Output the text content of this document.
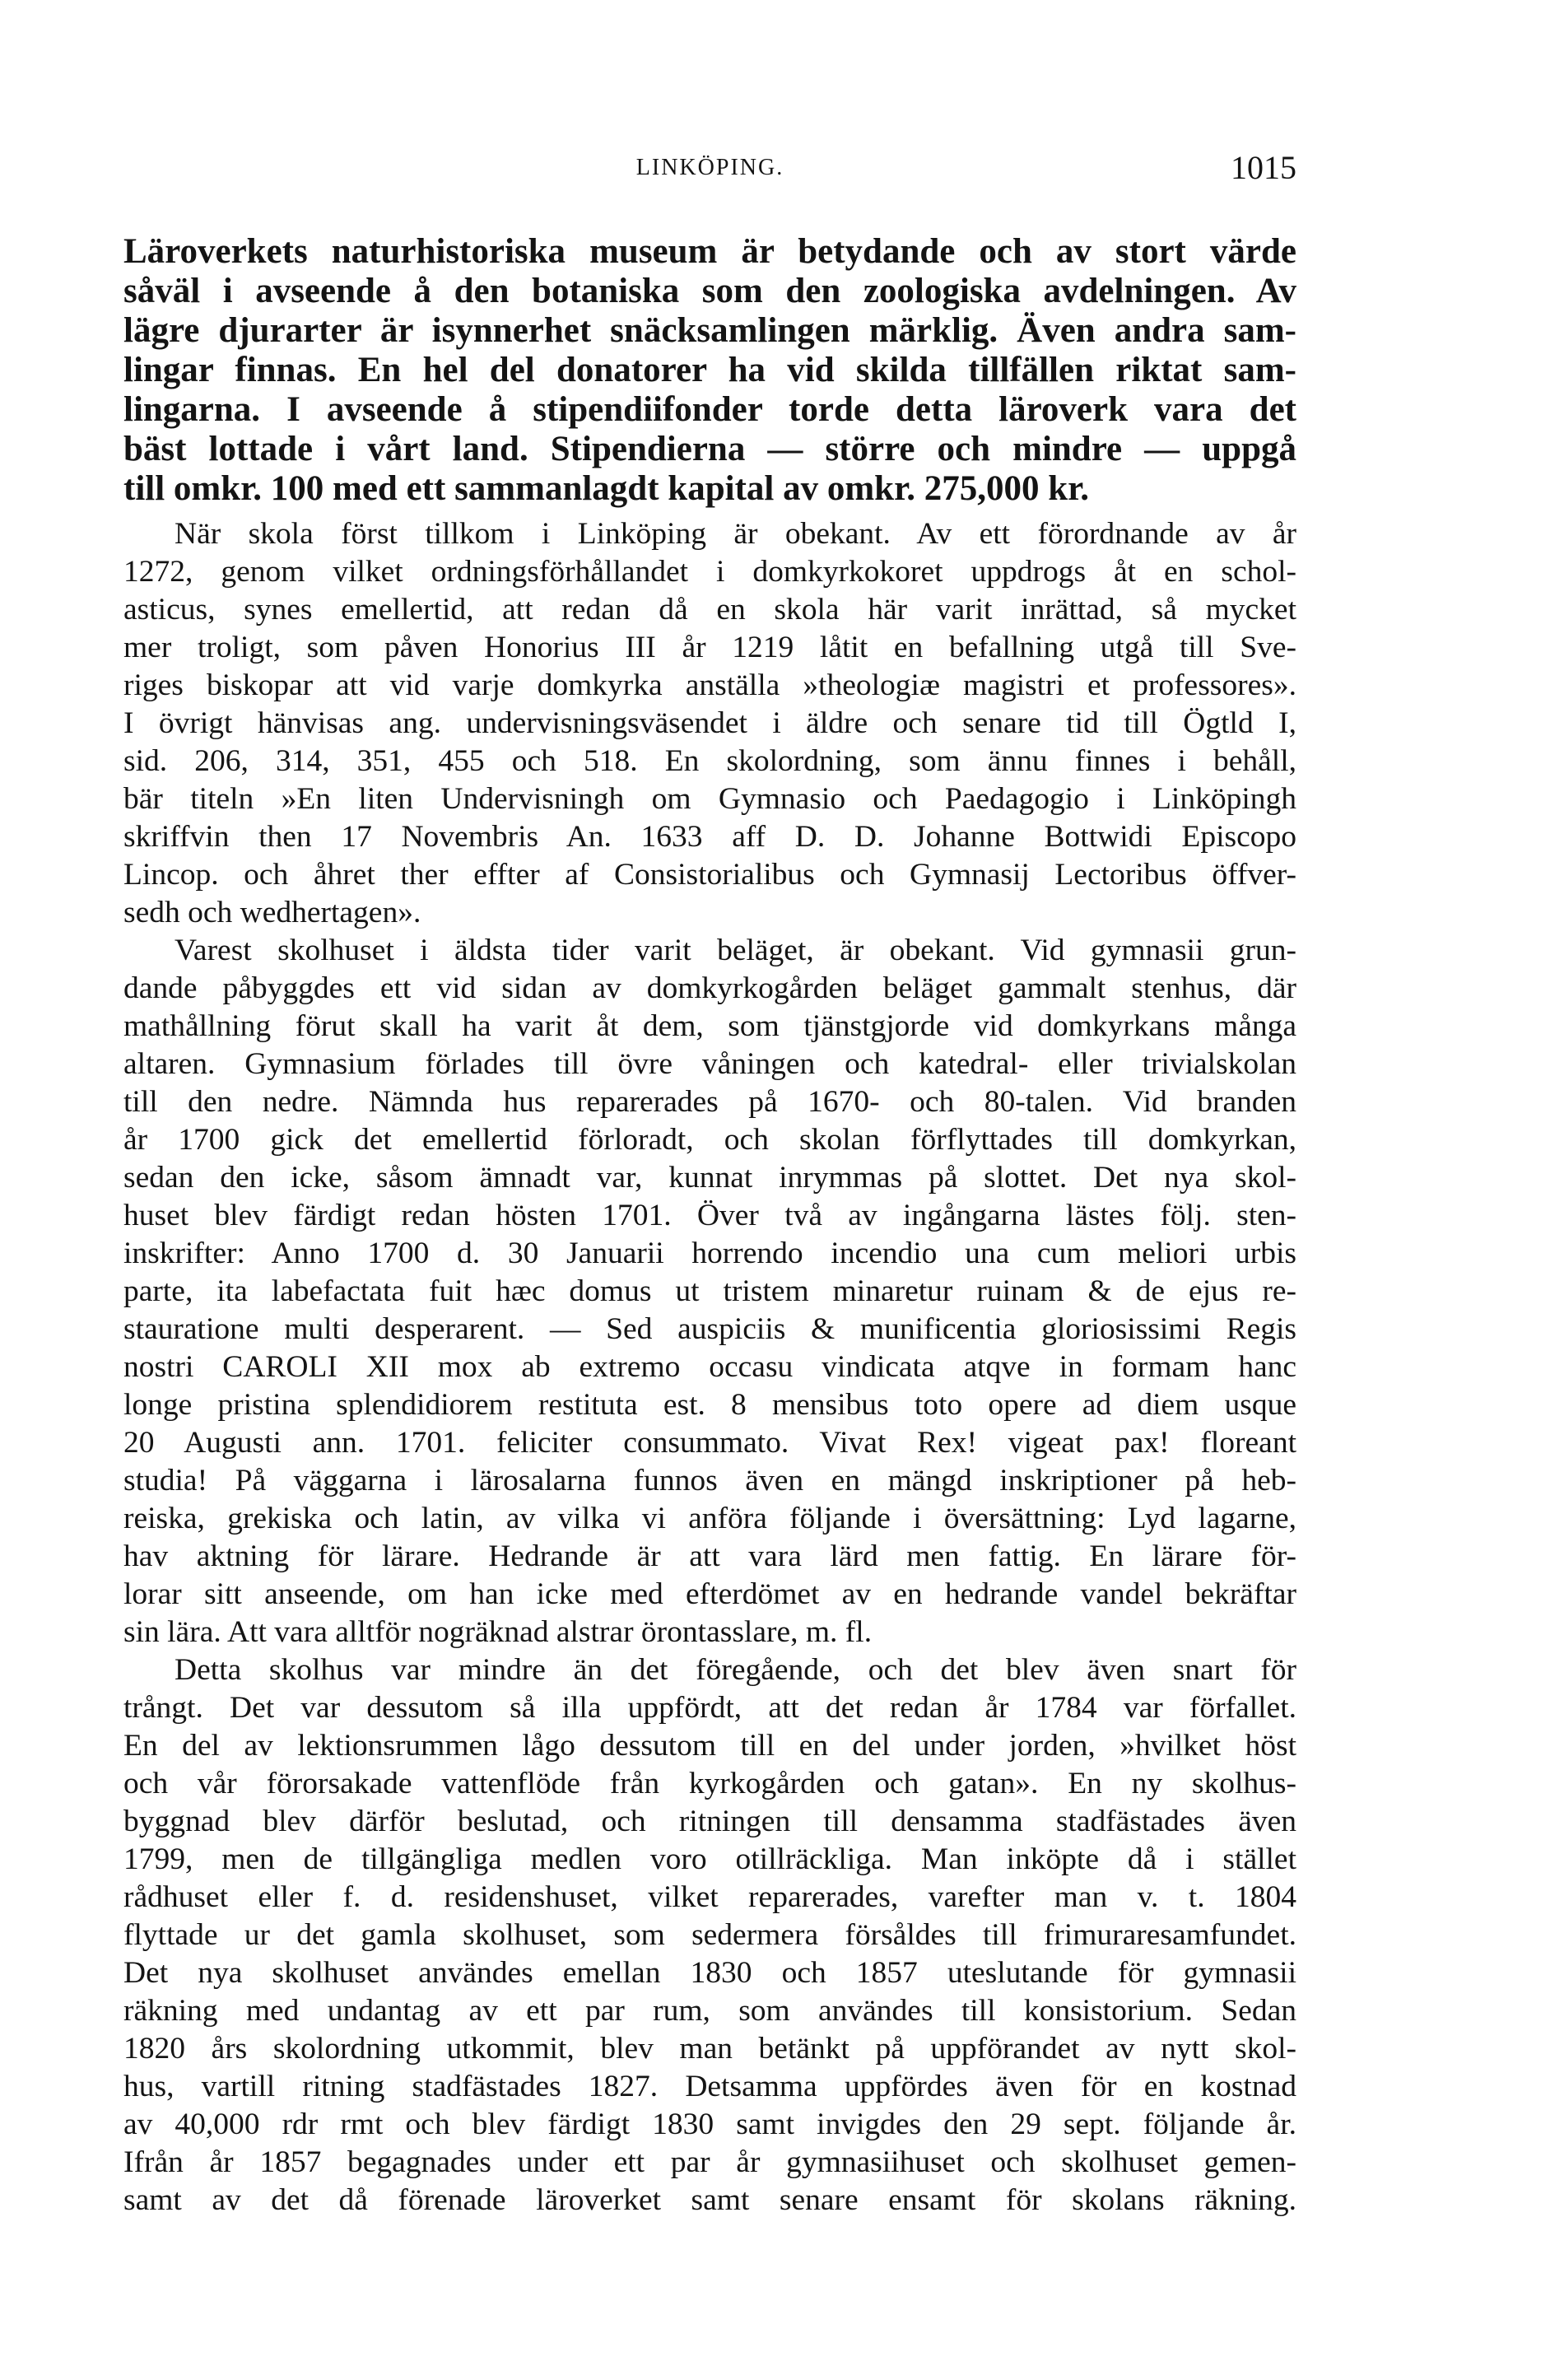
LINKÖPING.	1015
Läroverkets naturhistoriska museum är betydande och av stort värde
såväl i avseende å den botaniska som den zoologiska avdelningen. Av
lägre djurarter är isynnerhet snäcksamlingen märklig. Även andra sam-
lingar finnas. En hel del donatorer ha vid skilda tillfällen riktat sam-
lingarna. I avseende å stipendiifonder torde detta läroverk vara det
bäst lottade i vårt land. Stipendierna — större och mindre — uppgå
till omkr. 100 med ett sammanlagdt kapital av omkr. 275,000 kr.
När skola först tillkom i Linköping är obekant. Av ett förordnande av år
1272, genom vilket ordningsförhållandet i domkyrkokoret uppdrogs åt en schol-
asticus, synes emellertid, att redan då en skola här varit inrättad, så mycket
mer troligt, som påven Honorius III år 1219 låtit en befallning utgå till Sve-
riges biskopar att vid varje domkyrka anställa »theologiæ magistri et professores».
I övrigt hänvisas ang. undervisningsväsendet i äldre och senare tid till Ögtld I,
sid. 206, 314, 351, 455 och 518. En skolordning, som ännu finnes i behåll,
bär titeln »En liten Undervisningh om Gymnasio och Paedagogio i Linköpingh
skriffvin then 17 Novembris An. 1633 aff D. D. Johanne Bottwidi Episcopo
Lincop. och åhret ther effter af Consistorialibus och Gymnasij Lectoribus öffver-
sedh och wedhertagen».
Varest skolhuset i äldsta tider varit beläget, är obekant. Vid gymnasii grun-
dande påbyggdes ett vid sidan av domkyrkogården beläget gammalt stenhus, där
mathållning förut skall ha varit åt dem, som tjänstgjorde vid domkyrkans många
altaren. Gymnasium förlades till övre våningen och katedral- eller trivialskolan
till den nedre. Nämnda hus reparerades på 1670- och 80-talen. Vid branden
år 1700 gick det emellertid förloradt, och skolan förflyttades till domkyrkan,
sedan den icke, såsom ämnadt var, kunnat inrymmas på slottet. Det nya skol-
huset blev färdigt redan hösten 1701. Över två av ingångarna lästes följ. sten-
inskrifter: Anno 1700 d. 30 Januarii horrendo incendio una cum meliori urbis
parte, ita labefactata fuit hæc domus ut tristem minaretur ruinam & de ejus re-
stauratione multi desperarent. — Sed auspiciis & munificentia gloriosissimi Regis
nostri CAROLI XII mox ab extremo occasu vindicata atqve in formam hanc
longe pristina splendidiorem restituta est. 8 mensibus toto opere ad diem usque
20 Augusti ann. 1701. feliciter consummato. Vivat Rex! vigeat pax! floreant
studia! På väggarna i lärosalarna funnos även en mängd inskriptioner på heb-
reiska, grekiska och latin, av vilka vi anföra följande i översättning: Lyd lagarne,
hav aktning för lärare. Hedrande är att vara lärd men fattig. En lärare för-
lorar sitt anseende, om han icke med efterdömet av en hedrande vandel bekräftar
sin lära. Att vara alltför nogräknad alstrar örontasslare, m. fl.
Detta skolhus var mindre än det föregående, och det blev även snart för
trångt. Det var dessutom så illa uppfördt, att det redan år 1784 var förfallet.
En del av lektionsrummen lågo dessutom till en del under jorden, »hvilket höst
och vår förorsakade vattenflöde från kyrkogården och gatan». En ny skolhus-
byggnad blev därför beslutad, och ritningen till densamma stadfästades även
1799, men de tillgängliga medlen voro otillräckliga. Man inköpte då i stället
rådhuset eller f. d. residenshuset, vilket reparerades, varefter man v. t. 1804
flyttade ur det gamla skolhuset, som sedermera försåldes till frimuraresamfundet.
Det nya skolhuset användes emellan 1830 och 1857 uteslutande för gymnasii
räkning med undantag av ett par rum, som användes till konsistorium. Sedan
1820 års skolordning utkommit, blev man betänkt på uppförandet av nytt skol-
hus, vartill ritning stadfästades 1827. Detsamma uppfördes även för en kostnad
av 40,000 rdr rmt och blev färdigt 1830 samt invigdes den 29 sept. följande år.
Ifrån år 1857 begagnades under ett par år gymnasiihuset och skolhuset gemen-
samt av det då förenade läroverket samt senare ensamt för skolans räkning.
